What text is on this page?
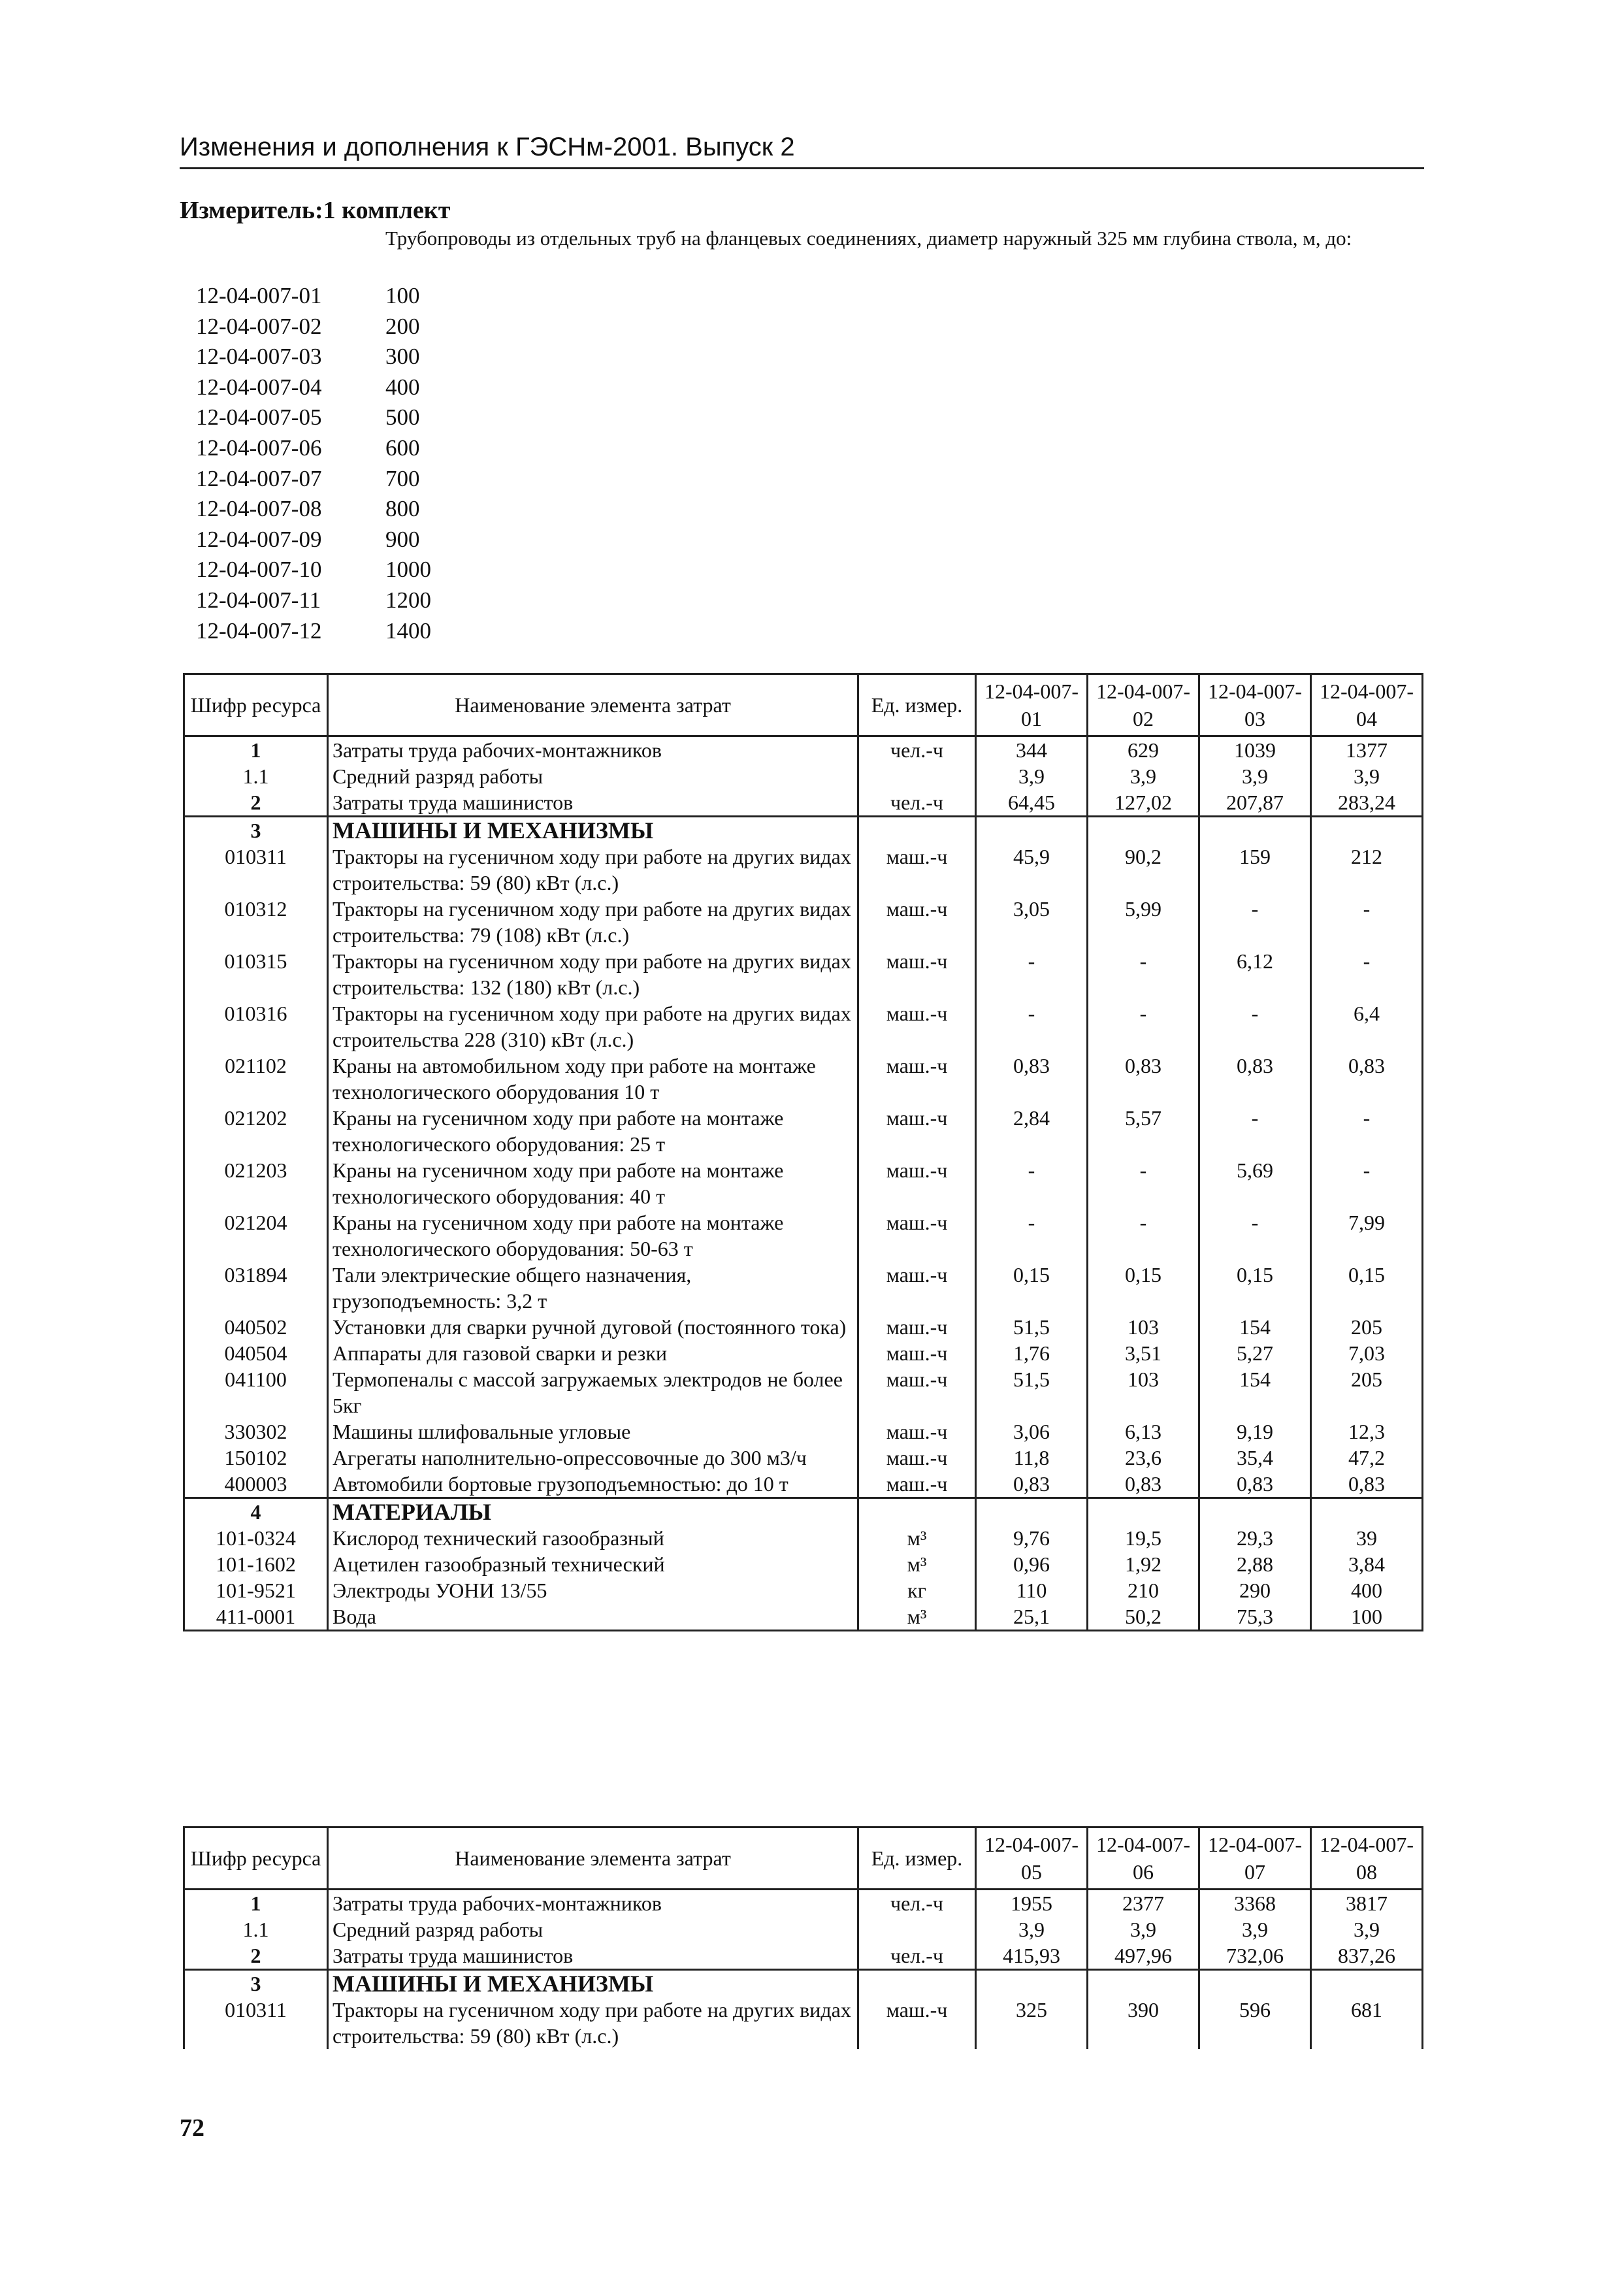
Изменения и дополнения к ГЭСНм-2001. Выпуск 2
Измеритель:1 комплект
Трубопроводы из отдельных труб на фланцевых соединениях, диаметр наружный 325 мм глубина ствола, м, до:
12-04-007-01	100
12-04-007-02	200
12-04-007-03	300
12-04-007-04	400
12-04-007-05	500
12-04-007-06	600
12-04-007-07	700
12-04-007-08	800
12-04-007-09	900
12-04-007-10	1000
12-04-007-11	1200
12-04-007-12	1400
Шифр ресурса	Наименование элемента затрат	Ед. измер.	12-04-007-01	12-04-007-02	12-04-007-03	12-04-007-04
1	Затраты труда рабочих-монтажников	чел.-ч	344	629	1039	1377
1.1	Средний разряд работы		3,9	3,9	3,9	3,9
2	Затраты труда машинистов	чел.-ч	64,45	127,02	207,87	283,24
3	МАШИНЫ И МЕХАНИЗМЫ					
010311	Тракторы на гусеничном ходу при работе на других видах строительства: 59 (80) кВт (л.с.)	маш.-ч	45,9	90,2	159	212
010312	Тракторы на гусеничном ходу при работе на других видах строительства: 79 (108) кВт (л.с.)	маш.-ч	3,05	5,99	-	-
010315	Тракторы на гусеничном ходу при работе на других видах строительства: 132 (180) кВт (л.с.)	маш.-ч	-	-	6,12	-
010316	Тракторы на гусеничном ходу при работе на других видах строительства 228 (310) кВт (л.с.)	маш.-ч	-	-	-	6,4
021102	Краны на автомобильном ходу при работе на монтаже технологического оборудования 10 т	маш.-ч	0,83	0,83	0,83	0,83
021202	Краны на гусеничном ходу при работе на монтаже технологического оборудования: 25 т	маш.-ч	2,84	5,57	-	-
021203	Краны на гусеничном ходу при работе на монтаже технологического оборудования: 40 т	маш.-ч	-	-	5,69	-
021204	Краны на гусеничном ходу при работе на монтаже технологического оборудования: 50-63 т	маш.-ч	-	-	-	7,99
031894	Тали электрические общего назначения, грузоподъемность: 3,2 т	маш.-ч	0,15	0,15	0,15	0,15
040502	Установки для сварки ручной дуговой (постоянного тока)	маш.-ч	51,5	103	154	205
040504	Аппараты для газовой сварки и резки	маш.-ч	1,76	3,51	5,27	7,03
041100	Термопеналы с массой загружаемых электродов не более 5кг	маш.-ч	51,5	103	154	205
330302	Машины шлифовальные угловые	маш.-ч	3,06	6,13	9,19	12,3
150102	Агрегаты наполнительно-опрессовочные до 300 м3/ч	маш.-ч	11,8	23,6	35,4	47,2
400003	Автомобили бортовые грузоподъемностью: до 10 т	маш.-ч	0,83	0,83	0,83	0,83
4	МАТЕРИАЛЫ					
101-0324	Кислород технический газообразный	м³	9,76	19,5	29,3	39
101-1602	Ацетилен газообразный технический	м³	0,96	1,92	2,88	3,84
101-9521	Электроды УОНИ 13/55	кг	110	210	290	400
411-0001	Вода	м³	25,1	50,2	75,3	100
Шифр ресурса	Наименование элемента затрат	Ед. измер.	12-04-007-05	12-04-007-06	12-04-007-07	12-04-007-08
1	Затраты труда рабочих-монтажников	чел.-ч	1955	2377	3368	3817
1.1	Средний разряд работы		3,9	3,9	3,9	3,9
2	Затраты труда машинистов	чел.-ч	415,93	497,96	732,06	837,26
3	МАШИНЫ И МЕХАНИЗМЫ					
010311	Тракторы на гусеничном ходу при работе на других видах строительства: 59 (80) кВт (л.с.)	маш.-ч	325	390	596	681
72
